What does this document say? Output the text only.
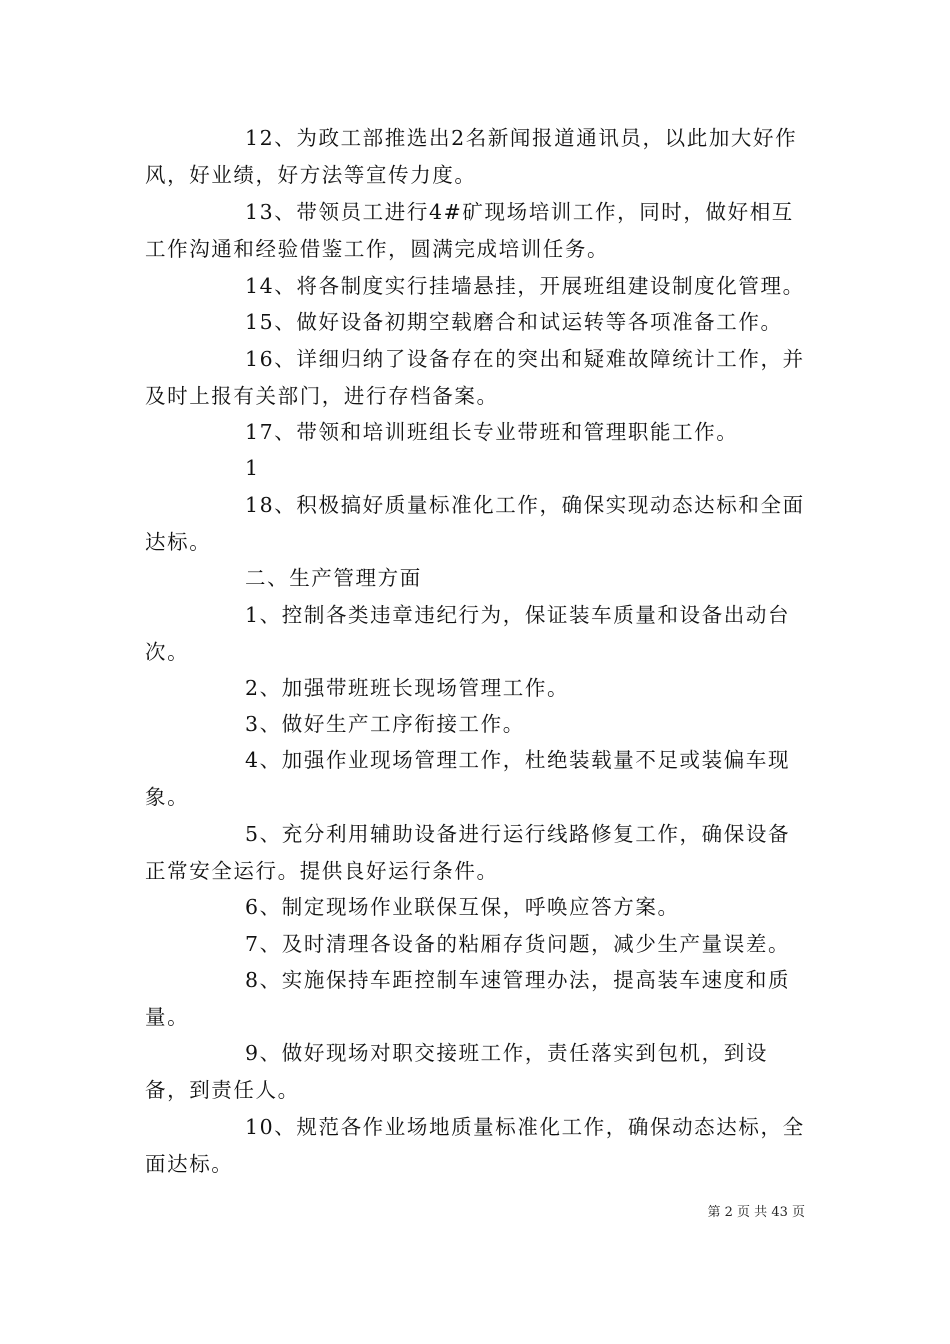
12、为政工部推选出2名新闻报道通讯员，以此加大好作风，好业绩，好方法等宣传力度。

13、带领员工进行4#矿现场培训工作，同时，做好相互工作沟通和经验借鉴工作，圆满完成培训任务。

14、将各制度实行挂墙悬挂，开展班组建设制度化管理。

15、做好设备初期空载磨合和试运转等各项准备工作。

16、详细归纳了设备存在的突出和疑难故障统计工作，并及时上报有关部门，进行存档备案。

17、带领和培训班组长专业带班和管理职能工作。

1

18、积极搞好质量标准化工作，确保实现动态达标和全面达标。

二、生产管理方面

1、控制各类违章违纪行为，保证装车质量和设备出动台次。

2、加强带班班长现场管理工作。

3、做好生产工序衔接工作。

4、加强作业现场管理工作，杜绝装载量不足或装偏车现象。

5、充分利用辅助设备进行运行线路修复工作，确保设备正常安全运行。提供良好运行条件。

6、制定现场作业联保互保，呼唤应答方案。

7、及时清理各设备的粘厢存货问题，减少生产量误差。

8、实施保持车距控制车速管理办法，提高装车速度和质量。

9、做好现场对职交接班工作，责任落实到包机，到设备，到责任人。

10、规范各作业场地质量标准化工作，确保动态达标，全面达标。

第 2 页 共 43 页
